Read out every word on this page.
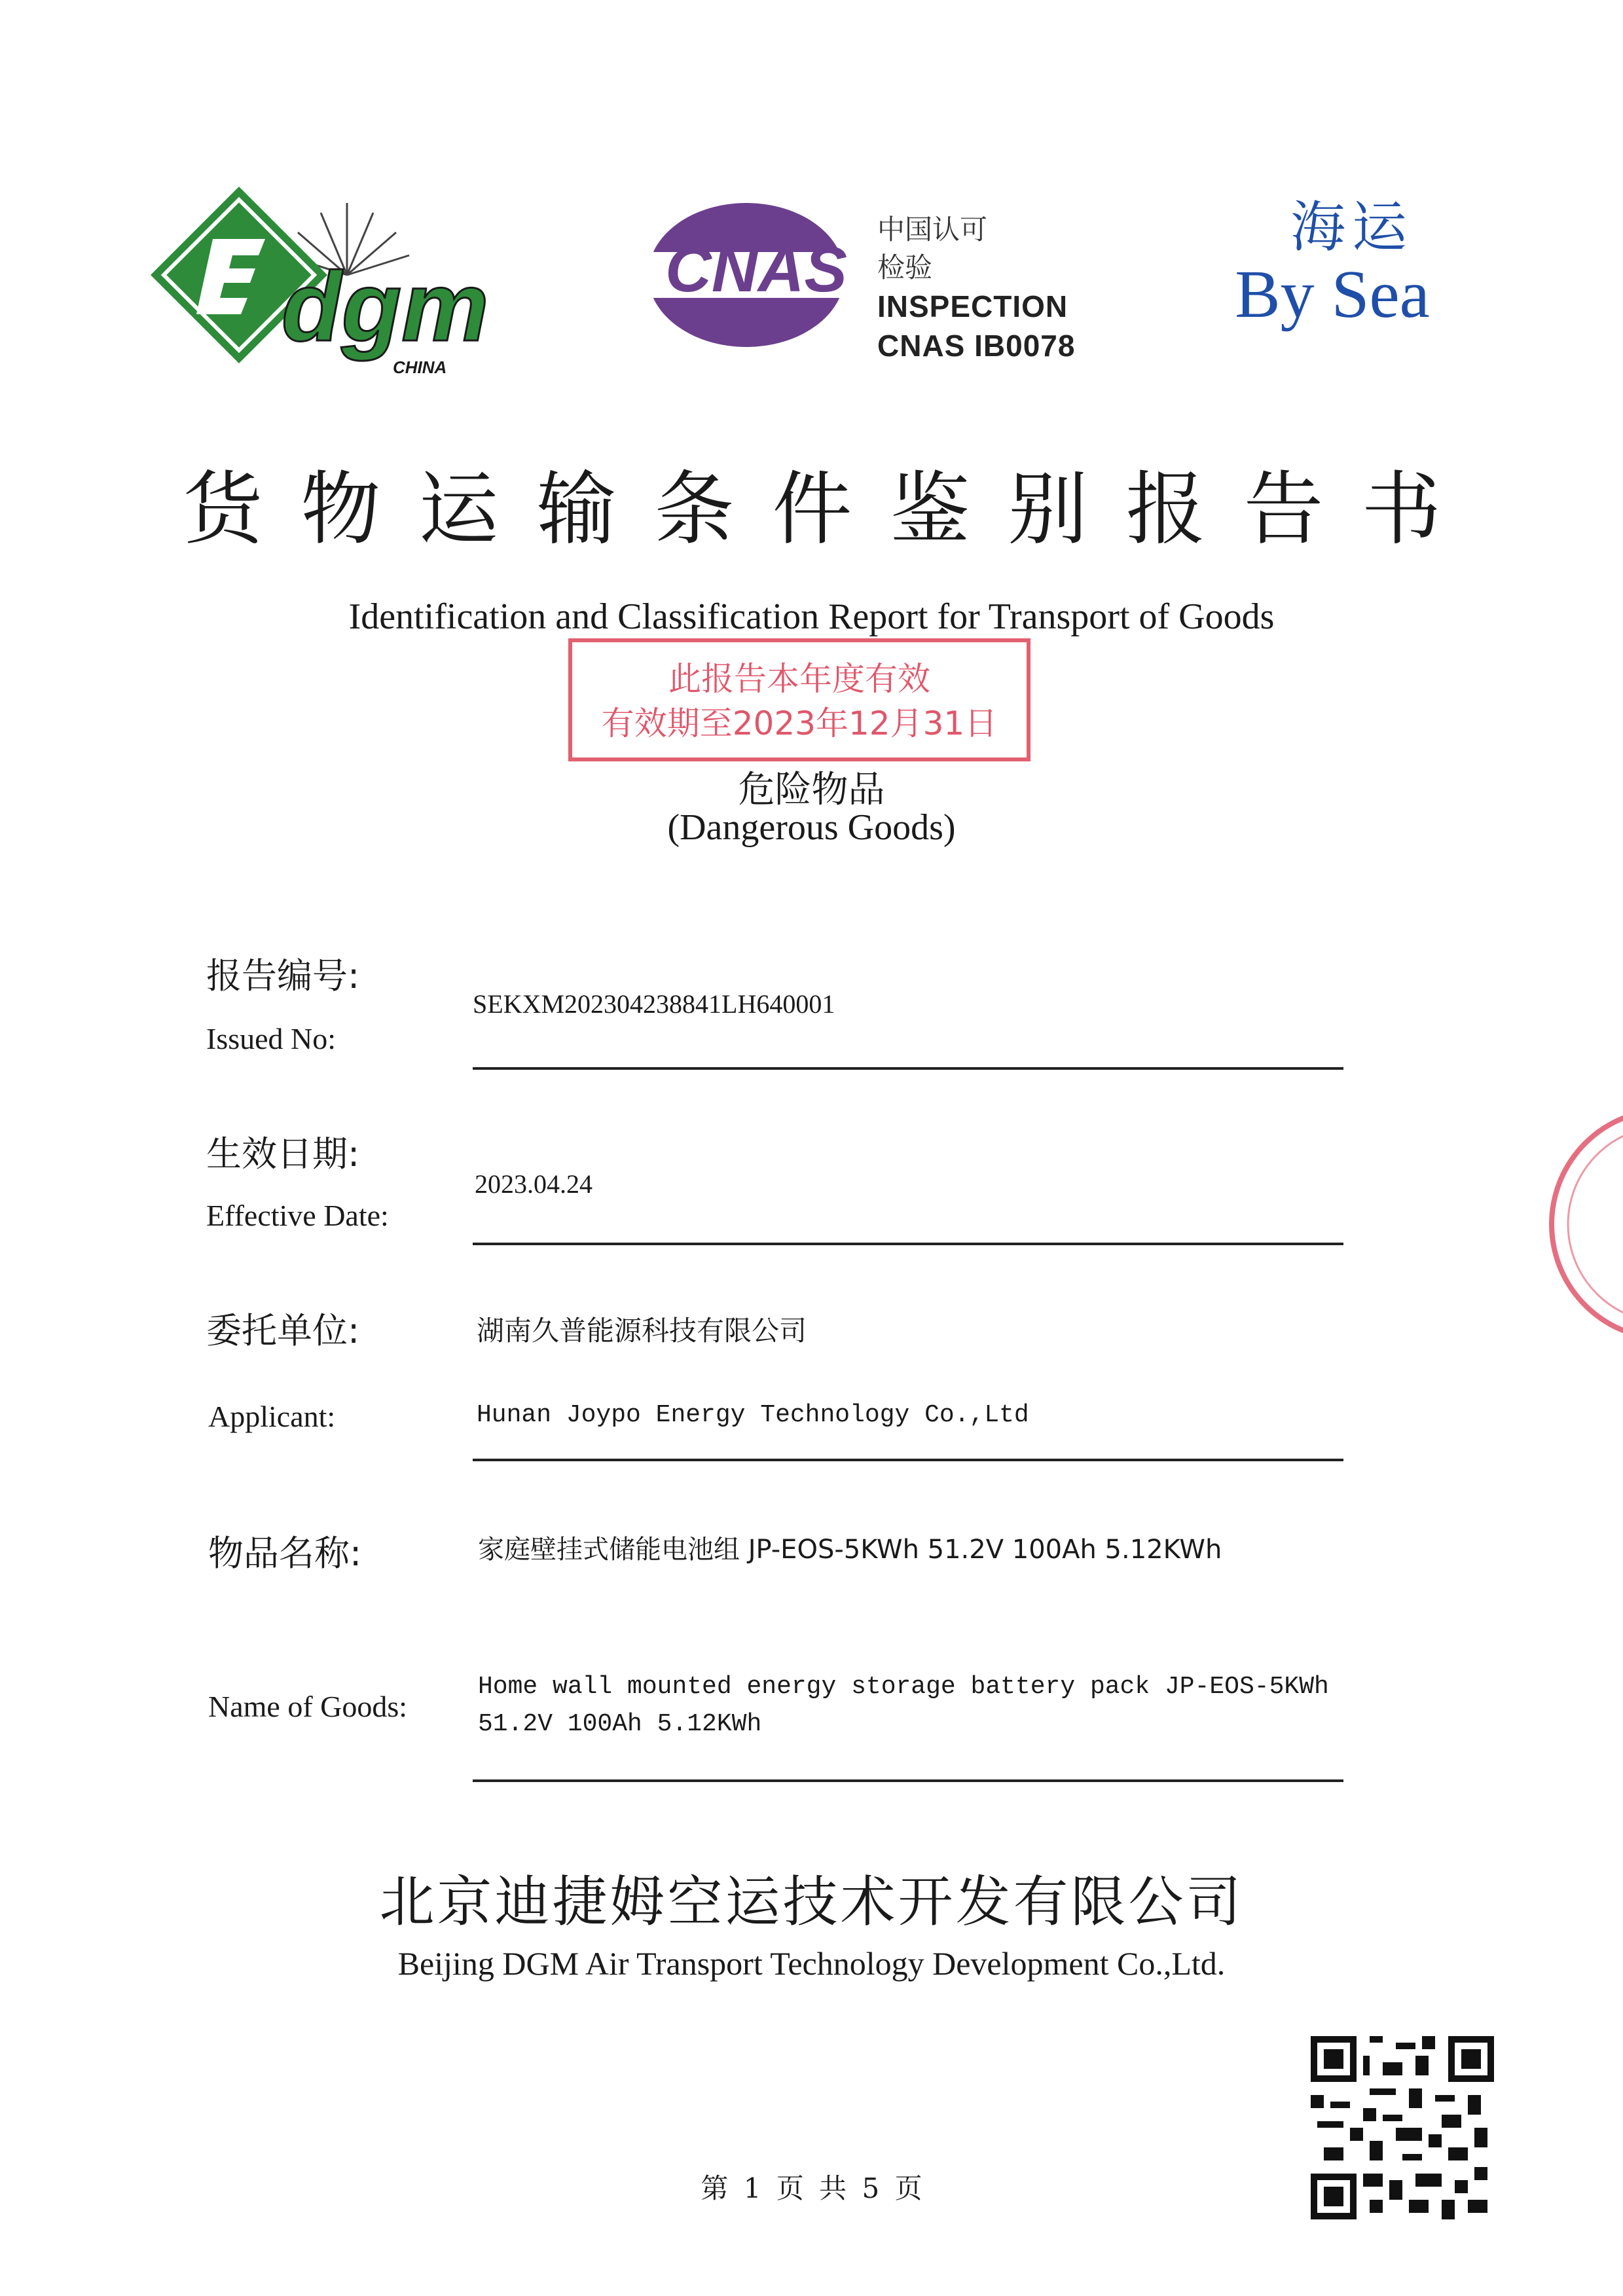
dgm
CHINA
CNAS
中国认可
检验
INSPECTION
CNAS IB0078
海运
By Sea
货物运输条件鉴别报告书
Identification and Classification Report for Transport of Goods
此报告本年度有效
有效期至2023年12月31日
危险物品
(Dangerous Goods)
报告编号:
Issued No:
SEKXM202304238841LH640001
生效日期:
Effective Date:
2023.04.24
委托单位:	湖南久普能源科技有限公司
Applicant:	Hunan Joypo Energy Technology Co.,Ltd
物品名称:	家庭壁挂式储能电池组 JP-EOS-5KWh 51.2V 100Ah 5.12KWh
Name of Goods:
Home wall mounted energy storage battery pack JP-EOS-5KWh
51.2V 100Ah 5.12KWh
北京迪捷姆空运技术开发有限公司
Beijing DGM Air Transport Technology Development Co.,Ltd.
第 1 页 共 5 页
